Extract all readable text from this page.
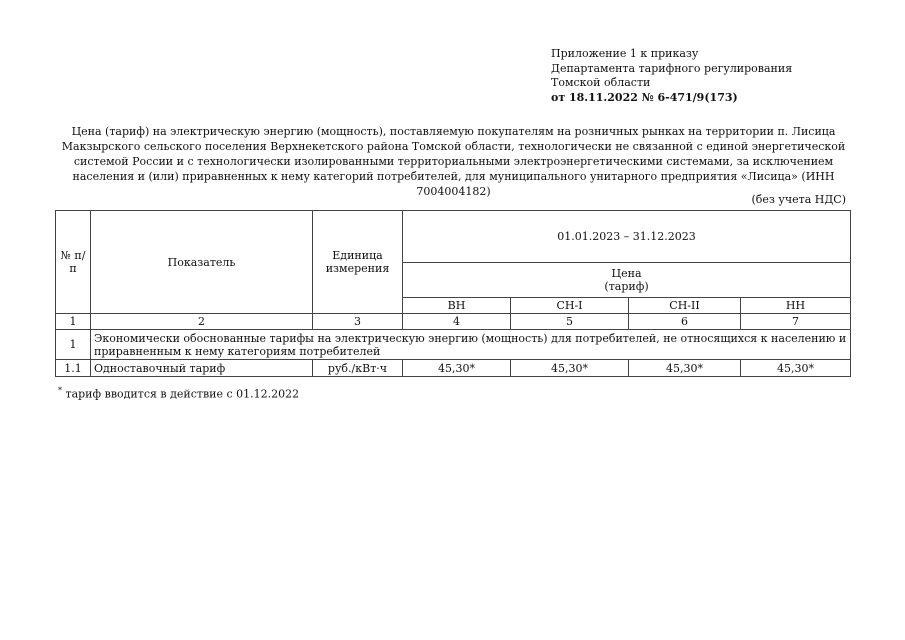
Приложение 1 к приказу
Департамента тарифного регулирования
Томской области
от 18.11.2022 № 6-471/9(173)
Цена (тариф) на электрическую энергию (мощность), поставляемую покупателям на розничных рынках на территории п. Лисица Макзырского сельского поселения Верхнекетского района Томской области, технологически не связанной с единой энергетической системой России и с технологически изолированными территориальными электроэнергетическими системами, за исключением населения и (или) приравненных к нему категорий потребителей, для муниципального унитарного предприятия «Лисица» (ИНН 7004004182)
(без учета НДС)
№ п/п	Показатель	Единица измерения	01.01.2023 – 31.12.2023			

			Цена
(тариф)			

			ВН	СН-I	СН-II	НН
1	2	3	4	5	6	7
1	Экономически обоснованные тарифы на электрическую энергию (мощность) для потребителей, не относящихся к населению и приравненным к нему категориям потребителей					
1.1	Одноставочный тариф	руб./кВт·ч	45,30*	45,30*	45,30*	45,30*
* тариф вводится в действие с 01.12.2022
